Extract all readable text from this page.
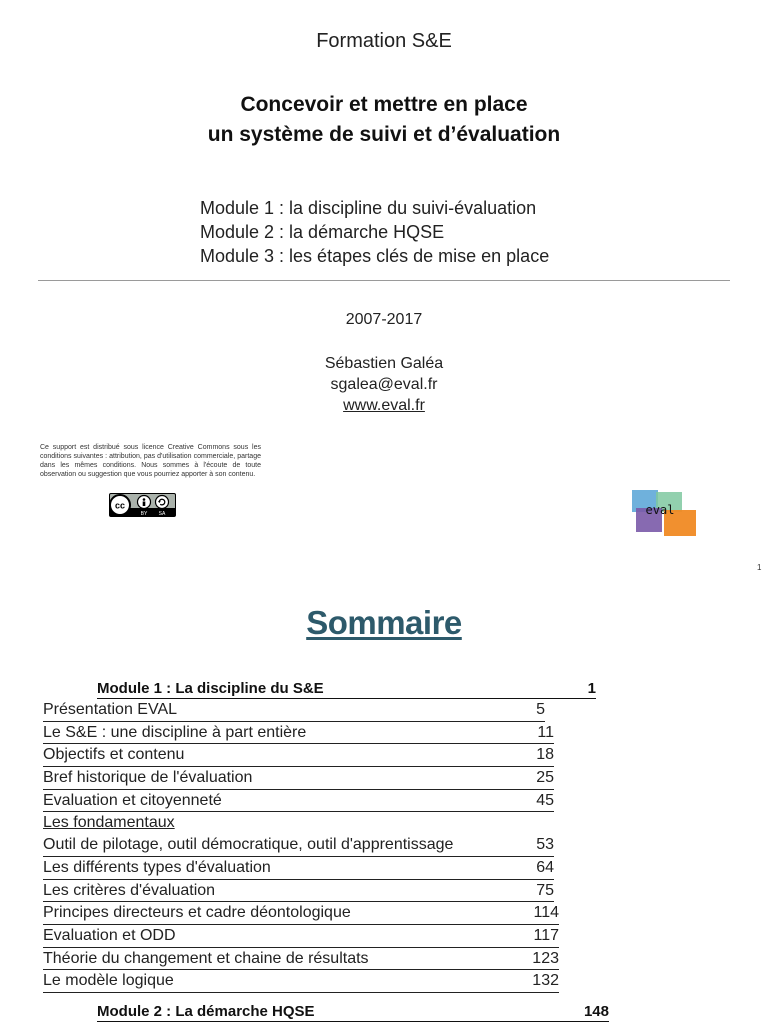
Formation S&E
Concevoir et mettre en place
un système de suivi et d’évaluation
Module 1 : la discipline du suivi-évaluation
Module 2 : la démarche HQSE
Module 3 : les étapes clés de mise en place
2007-2017
Sébastien Galéa
sgalea@eval.fr
www.eval.fr
Ce support est distribué sous licence Creative Commons sous les conditions suivantes : attribution, pas d'utilisation commerciale, partage dans les mêmes conditions. Nous sommes à l'écoute de toute observation ou suggestion que vous pourriez apporter à son contenu.
cc
BY SA	eval
1
Sommaire
Module 1 : La discipline du S&E	1
Présentation EVAL	5
Le S&E : une discipline à part entière	11
Objectifs et contenu	18
Bref historique de l'évaluation	25
Evaluation et citoyenneté	45
Les fondamentaux
Outil de pilotage, outil démocratique, outil d'apprentissage	53
Les différents types d'évaluation	64
Les critères d'évaluation	75
Principes directeurs et cadre déontologique	114
Evaluation et ODD	117
Théorie du changement et chaine de résultats	123
Le modèle logique	132
Module 2 : La démarche HQSE	148
